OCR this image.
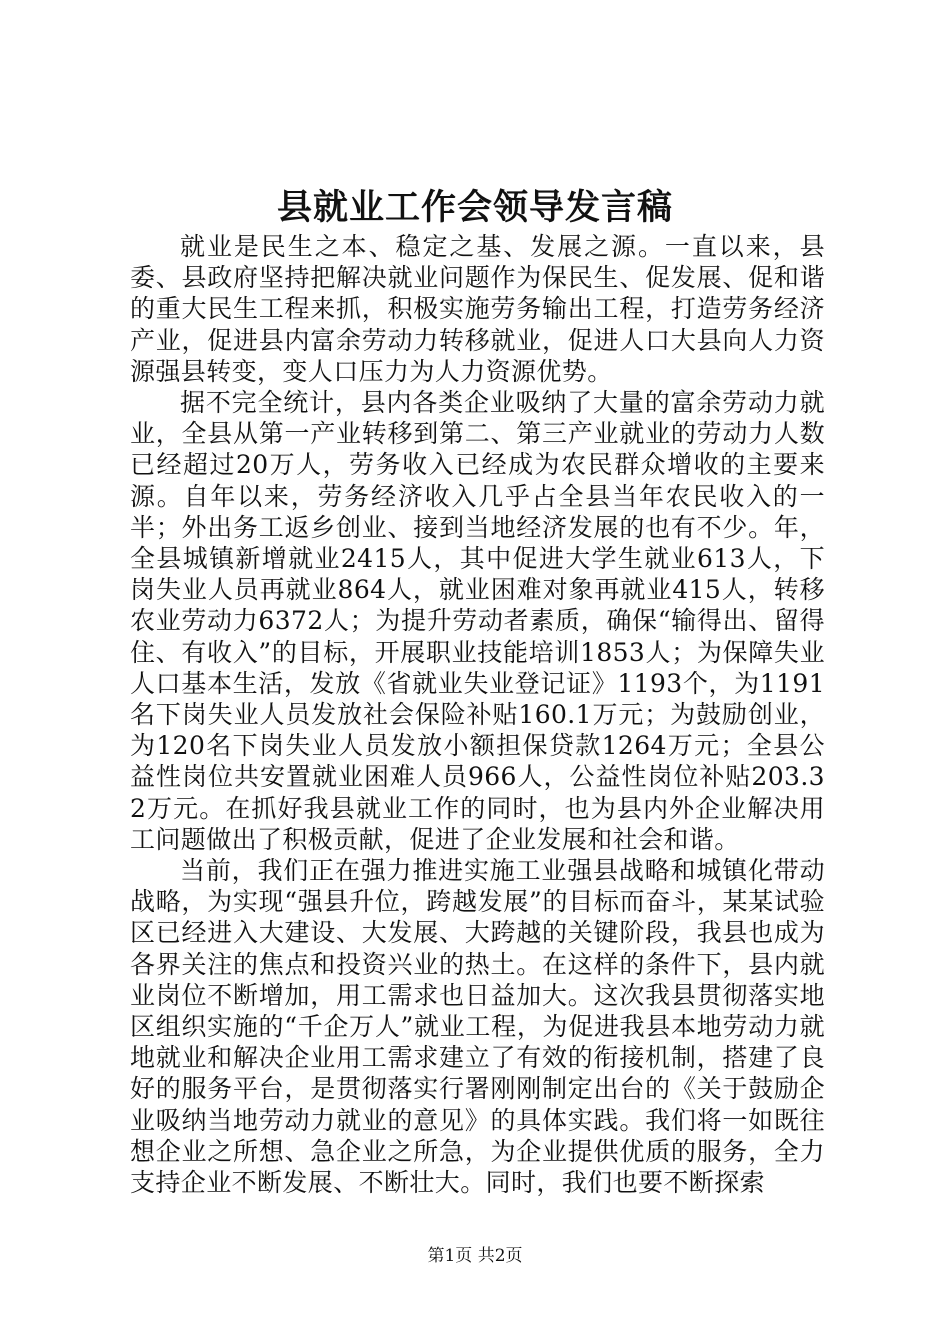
县就业工作会领导发言稿

就业是民生之本、稳定之基、发展之源。一直以来，县委、县政府坚持把解决就业问题作为保民生、促发展、促和谐的重大民生工程来抓，积极实施劳务输出工程，打造劳务经济产业，促进县内富余劳动力转移就业，促进人口大县向人力资源强县转变，变人口压力为人力资源优势。

据不完全统计，县内各类企业吸纳了大量的富余劳动力就业，全县从第一产业转移到第二、第三产业就业的劳动力人数已经超过20万人，劳务收入已经成为农民群众增收的主要来源。自年以来，劳务经济收入几乎占全县当年农民收入的一半；外出务工返乡创业、接到当地经济发展的也有不少。年，全县城镇新增就业2415人，其中促进大学生就业613人，下岗失业人员再就业864人，就业困难对象再就业415人，转移农业劳动力6372人；为提升劳动者素质，确保“输得出、留得住、有收入”的目标，开展职业技能培训1853人；为保障失业人口基本生活，发放《省就业失业登记证》1193个，为1191名下岗失业人员发放社会保险补贴160.1万元；为鼓励创业，为120名下岗失业人员发放小额担保贷款1264万元；全县公益性岗位共安置就业困难人员966人，公益性岗位补贴203.32万元。在抓好我县就业工作的同时，也为县内外企业解决用工问题做出了积极贡献，促进了企业发展和社会和谐。

当前，我们正在强力推进实施工业强县战略和城镇化带动战略，为实现“强县升位，跨越发展”的目标而奋斗，某某试验区已经进入大建设、大发展、大跨越的关键阶段，我县也成为各界关注的焦点和投资兴业的热土。在这样的条件下，县内就业岗位不断增加，用工需求也日益加大。这次我县贯彻落实地区组织实施的“千企万人”就业工程，为促进我县本地劳动力就地就业和解决企业用工需求建立了有效的衔接机制，搭建了良好的服务平台，是贯彻落实行署刚刚制定出台的《关于鼓励企业吸纳当地劳动力就业的意见》的具体实践。我们将一如既往想企业之所想、急企业之所急，为企业提供优质的服务，全力支持企业不断发展、不断壮大。同时，我们也要不断探索

第1页 共2页
